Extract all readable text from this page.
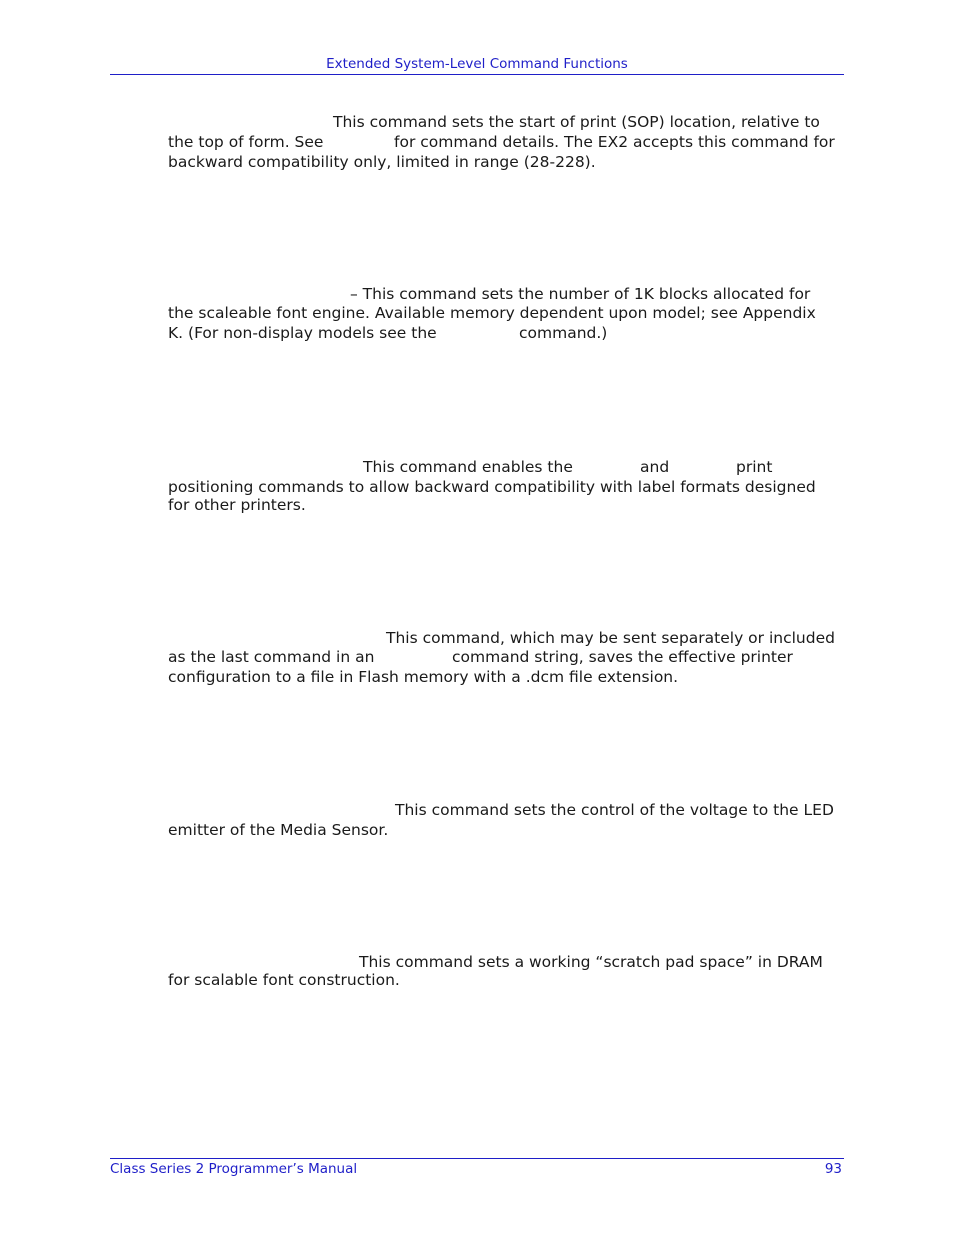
Extended System-Level Command Functions
This command sets the start of print (SOP) location, relative to
the top of form. See	for command details. The EX2 accepts this command for
backward compatibility only, limited in range (28-228).
– This command sets the number of 1K blocks allocated for
the scaleable font engine. Available memory dependent upon model; see Appendix
K. (For non-display models see the	command.)
This command enables the	and	print
positioning commands to allow backward compatibility with label formats designed
for other printers.
This command, which may be sent separately or included
as the last command in an	command string, saves the effective printer
configuration to a file in Flash memory with a .dcm file extension.
This command sets the control of the voltage to the LED
emitter of the Media Sensor.
This command sets a working “scratch pad space” in DRAM
for scalable font construction.
Class Series 2 Programmer’s Manual	93
